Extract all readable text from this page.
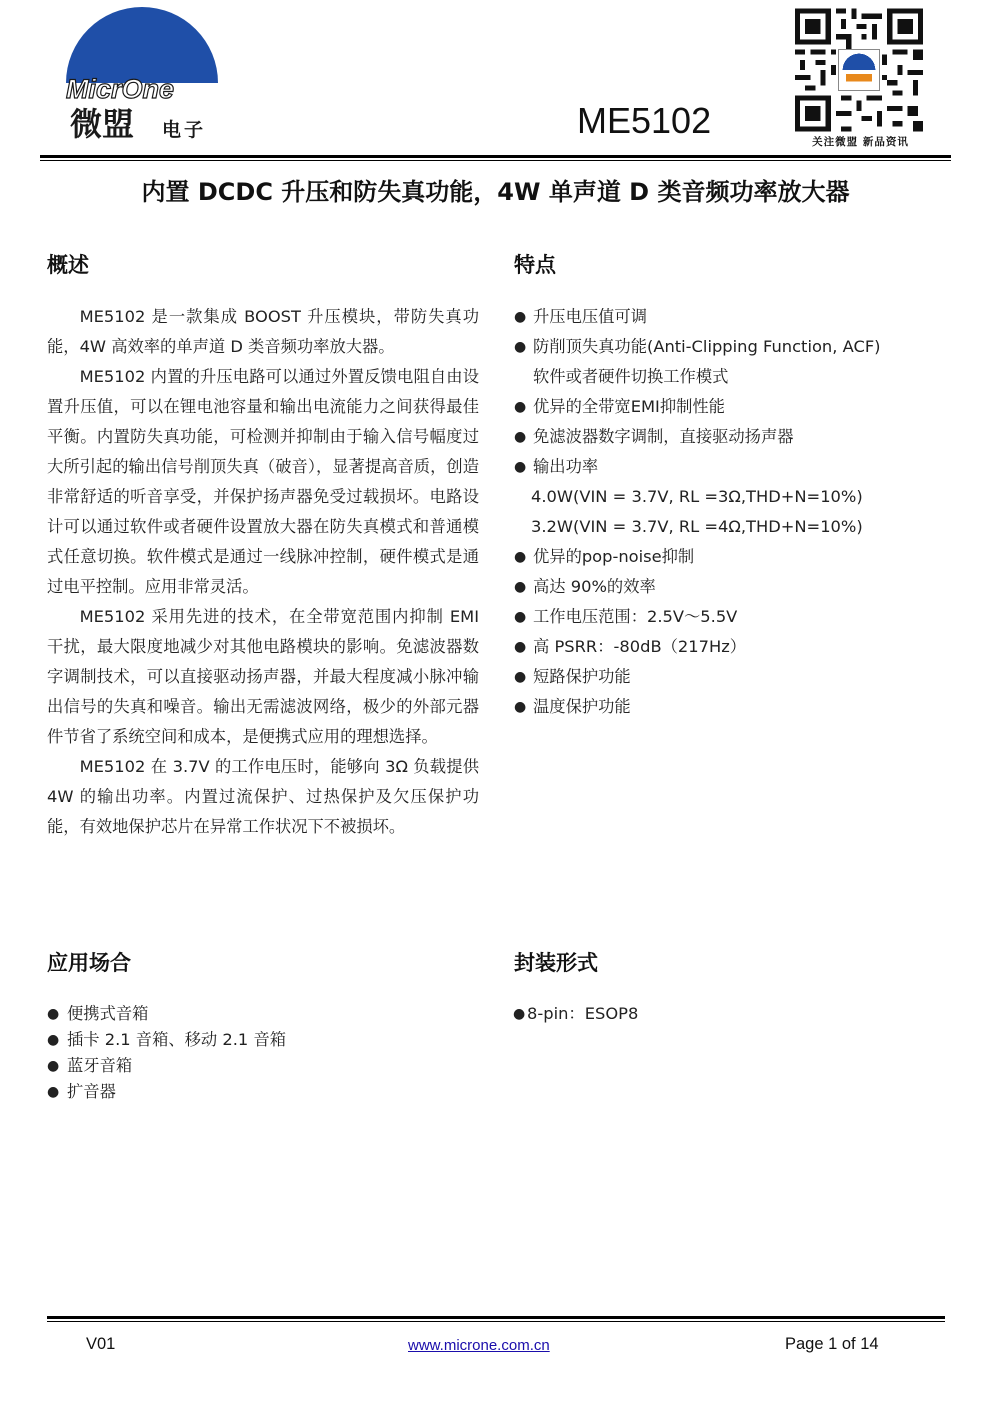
MicrOne
微盟 电子	ME5102
关注微盟 新品资讯
内置 DCDC 升压和防失真功能，4W 单声道 D 类音频功率放大器
概述

ME5102 是一款集成 BOOST 升压模块，带防失真功能，4W 高效率的单声道 D 类音频功率放大器。

ME5102 内置的升压电路可以通过外置反馈电阻自由设置升压值，可以在锂电池容量和输出电流能力之间获得最佳平衡。内置防失真功能，可检测并抑制由于输入信号幅度过大所引起的输出信号削顶失真（破音），显著提高音质，创造非常舒适的听音享受，并保护扬声器免受过载损坏。电路设计可以通过软件或者硬件设置放大器在防失真模式和普通模式任意切换。软件模式是通过一线脉冲控制，硬件模式是通过电平控制。应用非常灵活。

ME5102 采用先进的技术，在全带宽范围内抑制 EMI 干扰，最大限度地减少对其他电路模块的影响。免滤波器数字调制技术，可以直接驱动扬声器，并最大程度减小脉冲输出信号的失真和噪音。输出无需滤波网络，极少的外部元器件节省了系统空间和成本，是便携式应用的理想选择。

ME5102 在 3.7V 的工作电压时，能够向 3Ω 负载提供 4W 的输出功率。内置过流保护、过热保护及欠压保护功能，有效地保护芯片在异常工作状况下不被损坏。

特点
● 升压电压值可调
● 防削顶失真功能(Anti-Clipping Function, ACF)
软件或者硬件切换工作模式
● 优异的全带宽EMI抑制性能
● 免滤波器数字调制，直接驱动扬声器
● 输出功率
4.0W(VIN = 3.7V, RL =3Ω,THD+N=10%)
3.2W(VIN = 3.7V, RL =4Ω,THD+N=10%)
● 优异的pop-noise抑制
● 高达 90%的效率
● 工作电压范围：2.5V～5.5V
● 高 PSRR：-80dB（217Hz）
● 短路保护功能
● 温度保护功能
应用场合
● 便携式音箱
● 插卡 2.1 音箱、移动 2.1 音箱
● 蓝牙音箱
● 扩音器
封装形式
● 8-pin：ESOP8
V01	www.microne.com.cn	Page 1 of 14
